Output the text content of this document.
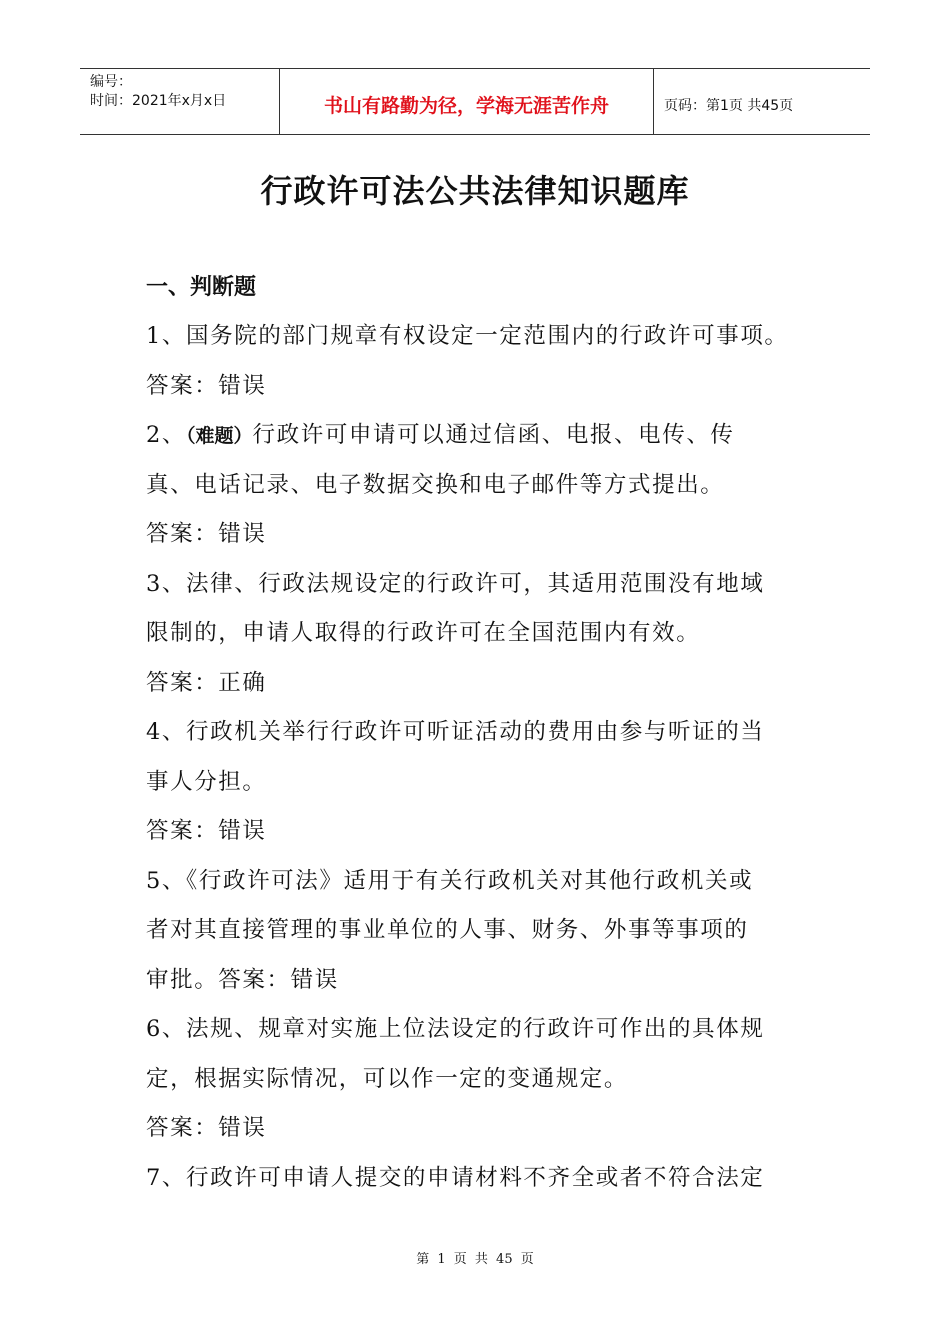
编号：
时间：2021年x月x日	书山有路勤为径，学海无涯苦作舟	页码：第1页 共45页
行政许可法公共法律知识题库
一、判断题
1、国务院的部门规章有权设定一定范围内的行政许可事项。
答案：错误
2、（难题）行政许可申请可以通过信函、电报、电传、传
真、电话记录、电子数据交换和电子邮件等方式提出。
答案：错误
3、法律、行政法规设定的行政许可，其适用范围没有地域
限制的，申请人取得的行政许可在全国范围内有效。
答案：正确
4、行政机关举行行政许可听证活动的费用由参与听证的当
事人分担。
答案：错误
5、《行政许可法》适用于有关行政机关对其他行政机关或
者对其直接管理的事业单位的人事、财务、外事等事项的
审批。答案：错误
6、法规、规章对实施上位法设定的行政许可作出的具体规
定，根据实际情况，可以作一定的变通规定。
答案：错误
7、行政许可申请人提交的申请材料不齐全或者不符合法定
第 1 页 共 45 页
